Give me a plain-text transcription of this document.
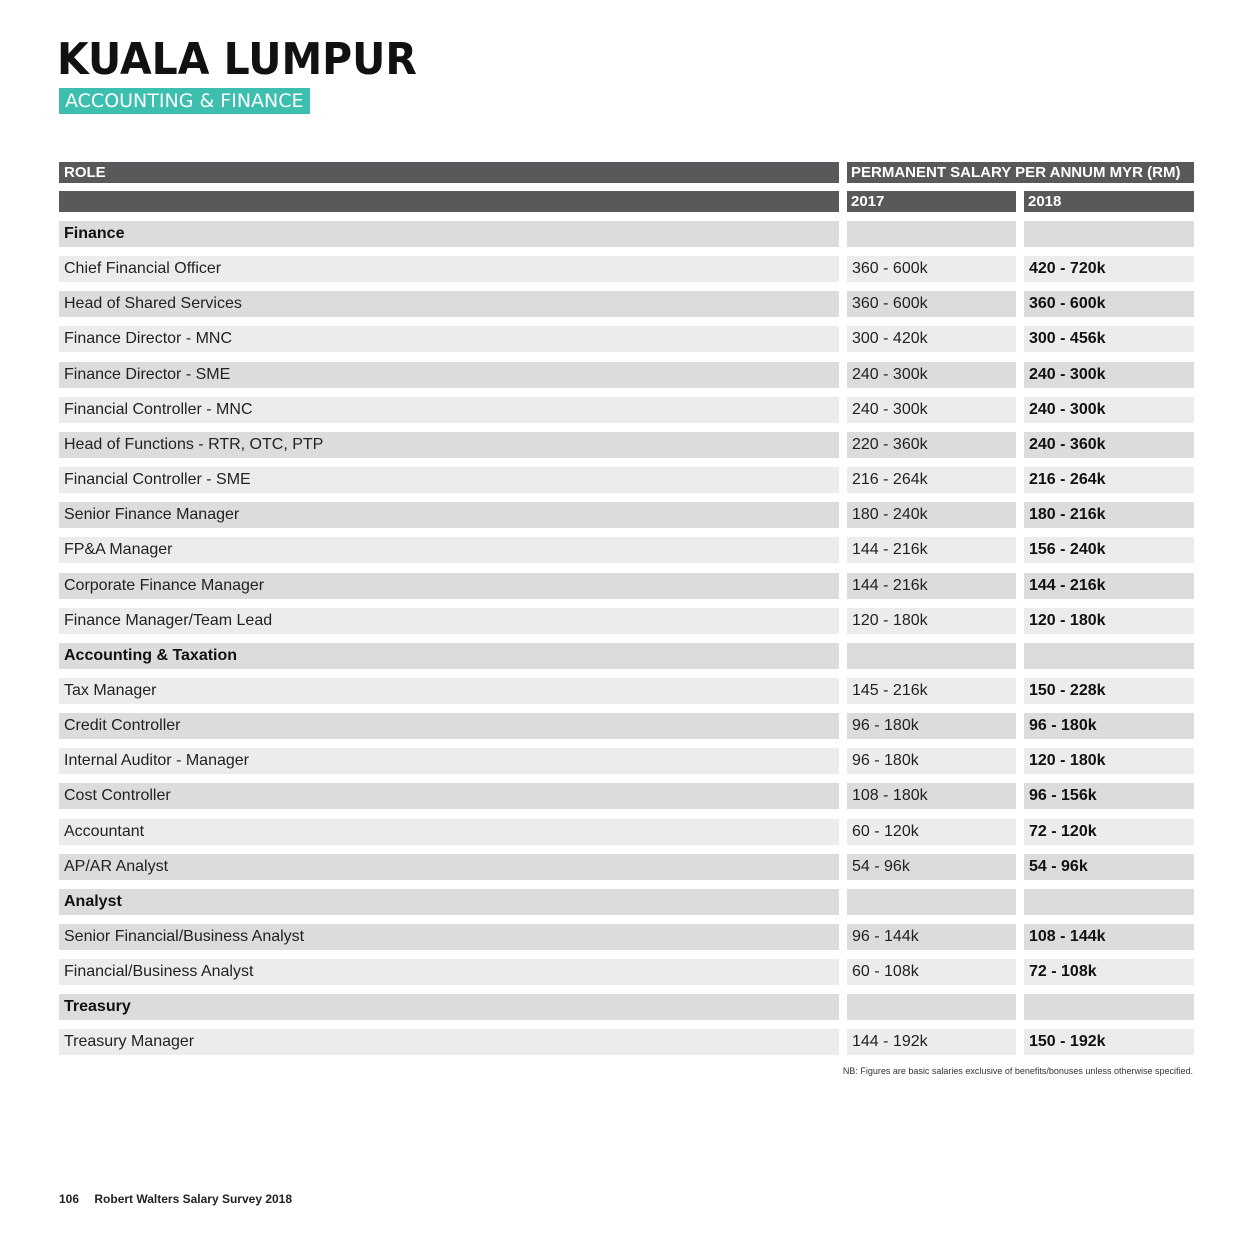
KUALA LUMPUR
ACCOUNTING & FINANCE
ROLE	PERMANENT SALARY PER ANNUM MYR (RM)
2017	2018
Finance
Chief Financial Officer	360 - 600k	420 - 720k
Head of Shared Services	360 - 600k	360 - 600k
Finance Director - MNC	300 - 420k	300 - 456k
Finance Director - SME	240 - 300k	240 - 300k
Financial Controller - MNC	240 - 300k	240 - 300k
Head of Functions - RTR, OTC, PTP	220 - 360k	240 - 360k
Financial Controller - SME	216 - 264k	216 - 264k
Senior Finance Manager	180 - 240k	180 - 216k
FP&A Manager	144 - 216k	156 - 240k
Corporate Finance Manager	144 - 216k	144 - 216k
Finance Manager/Team Lead	120 - 180k	120 - 180k
Accounting & Taxation
Tax Manager	145 - 216k	150 - 228k
Credit Controller	96 - 180k	96 - 180k
Internal Auditor - Manager	96 - 180k	120 - 180k
Cost Controller	108 - 180k	96 - 156k
Accountant	60 - 120k	72 - 120k
AP/AR Analyst	54 - 96k	54 - 96k
Analyst
Senior Financial/Business Analyst	96 - 144k	108 - 144k
Financial/Business Analyst	60 - 108k	72 - 108k
Treasury
Treasury Manager	144 - 192k	150 - 192k
NB: Figures are basic salaries exclusive of benefits/bonuses unless otherwise specified.
106 Robert Walters Salary Survey 2018
